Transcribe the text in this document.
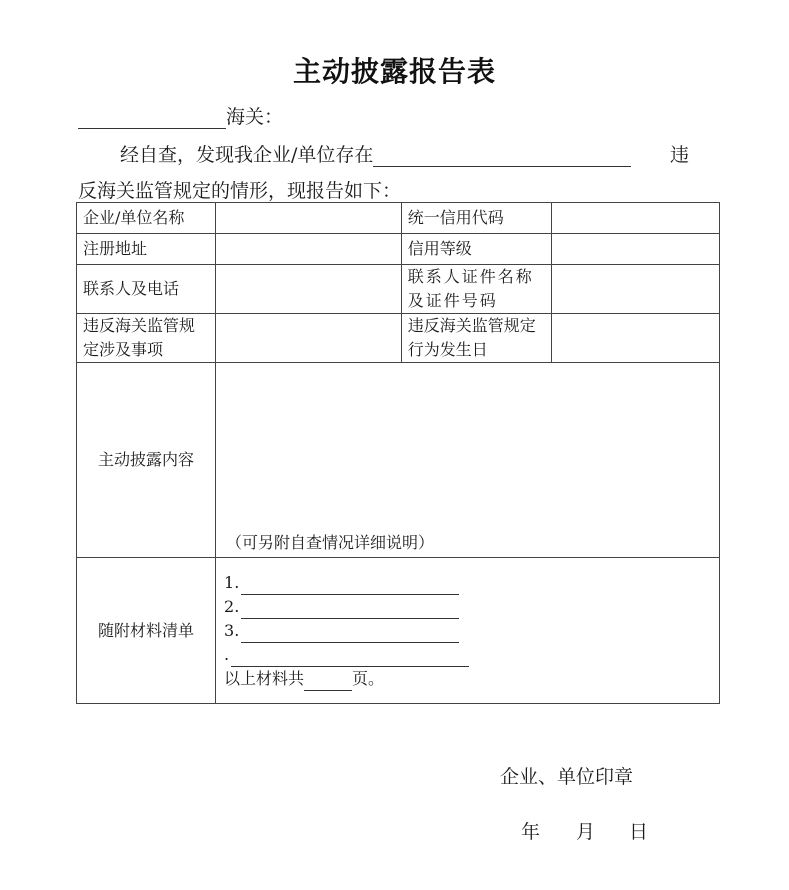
主动披露报告表
海关：
经自查，发现我企业/单位存在	违
反海关监管规定的情形，现报告如下：
企业/单位名称		统一信用代码	
注册地址		信用等级	
联系人及电话		联系人证件名称及证件号码	
违反海关监管规定涉及事项		违反海关监管规定行为发生日	
主动披露内容	（可另附自查情况详细说明）		

随附材料清单	1.
2.
3.
.
以上材料共 页。		
企业、单位印章
年 月 日
